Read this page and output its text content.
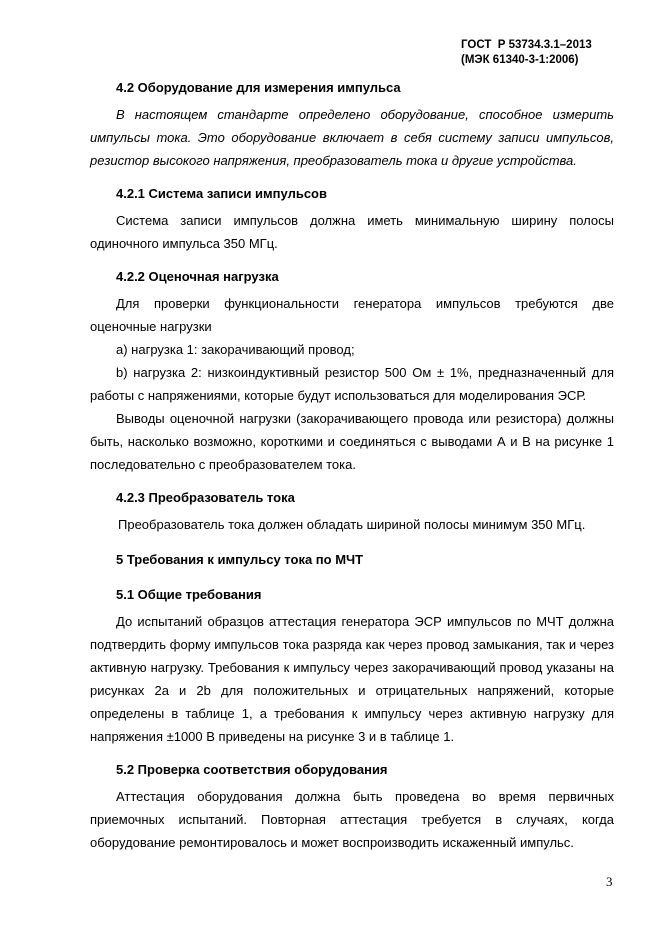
ГОСТ  Р 53734.3.1–2013
(МЭК 61340-3-1:2006)
4.2 Оборудование для измерения импульса

В настоящем стандарте определено оборудование, способное измерить импульсы тока. Это оборудование включает в себя систему записи импульсов, резистор высокого напряжения, преобразователь тока и другие устройства.

4.2.1 Система записи импульсов

Система записи импульсов должна иметь минимальную ширину полосы одиночного импульса 350 МГц.

4.2.2 Оценочная нагрузка

Для проверки функциональности генератора импульсов требуются две оценочные нагрузки

a) нагрузка 1: закорачивающий провод;

b) нагрузка 2: низкоиндуктивный резистор 500 Ом ± 1%, предназначенный для работы с напряжениями, которые будут использоваться для моделирования ЭСР.

Выводы оценочной нагрузки (закорачивающего провода или резистора) должны быть, насколько возможно, короткими и соединяться с выводами А и В на рисунке 1 последовательно с преобразователем тока.

4.2.3 Преобразователь тока

Преобразователь тока должен обладать шириной полосы минимум 350 МГц.

5 Требования к импульсу тока по МЧТ
5.1 Общие требования

До испытаний образцов аттестация генератора ЭСР импульсов по МЧТ должна подтвердить форму импульсов тока разряда как через провод замыкания, так и через активную нагрузку. Требования к импульсу через закорачивающий провод указаны на рисунках 2a и 2b для положительных и отрицательных напряжений, которые определены в таблице 1, а требования к импульсу через активную нагрузку для напряжения ±1000 В приведены на рисунке 3 и в таблице 1.

5.2 Проверка соответствия оборудования

Аттестация оборудования должна быть проведена во время первичных приемочных испытаний. Повторная аттестация требуется в случаях, когда оборудование ремонтировалось и может воспроизводить искаженный импульс.

3
